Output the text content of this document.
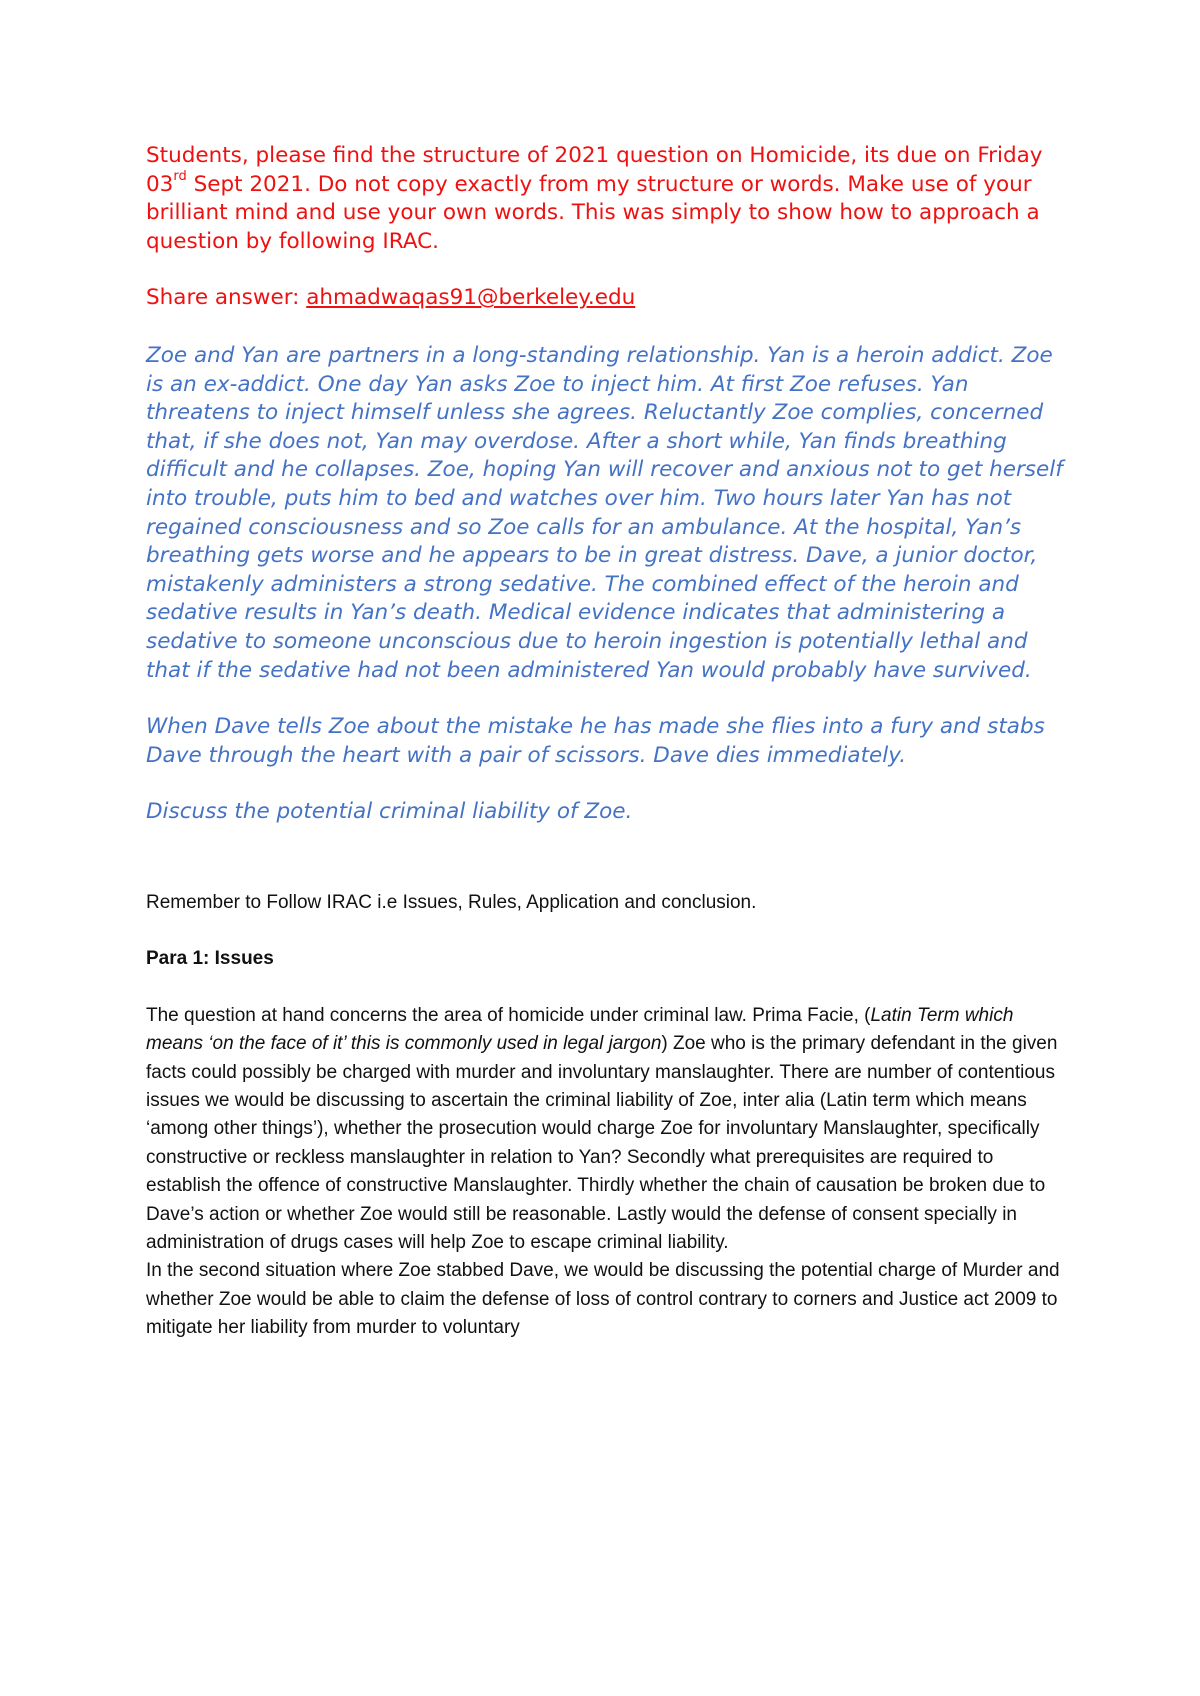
Students, please find the structure of 2021 question on Homicide, its due on Friday 03rd Sept 2021. Do not copy exactly from my structure or words. Make use of your brilliant mind and use your own words. This was simply to show how to approach a question by following IRAC.

Share answer: ahmadwaqas91@berkeley.edu

Zoe and Yan are partners in a long-standing relationship. Yan is a heroin addict. Zoe is an ex-addict. One day Yan asks Zoe to inject him. At first Zoe refuses. Yan threatens to inject himself unless she agrees. Reluctantly Zoe complies, concerned that, if she does not, Yan may overdose. After a short while, Yan finds breathing difficult and he collapses. Zoe, hoping Yan will recover and anxious not to get herself into trouble, puts him to bed and watches over him. Two hours later Yan has not regained consciousness and so Zoe calls for an ambulance. At the hospital, Yan’s breathing gets worse and he appears to be in great distress. Dave, a junior doctor, mistakenly administers a strong sedative. The combined effect of the heroin and sedative results in Yan’s death. Medical evidence indicates that administering a sedative to someone unconscious due to heroin ingestion is potentially lethal and that if the sedative had not been administered Yan would probably have survived.

When Dave tells Zoe about the mistake he has made she flies into a fury and stabs Dave through the heart with a pair of scissors. Dave dies immediately.

Discuss the potential criminal liability of Zoe.

Remember to Follow IRAC i.e Issues, Rules, Application and conclusion.

Para 1: Issues

The question at hand concerns the area of homicide under criminal law. Prima Facie, (Latin Term which means ‘on the face of it’ this is commonly used in legal jargon) Zoe who is the primary defendant in the given facts could possibly be charged with murder and involuntary manslaughter. There are number of contentious issues we would be discussing to ascertain the criminal liability of Zoe, inter alia (Latin term which means ‘among other things’), whether the prosecution would charge Zoe for involuntary Manslaughter, specifically constructive or reckless manslaughter in relation to Yan? Secondly what prerequisites are required to establish the offence of constructive Manslaughter. Thirdly whether the chain of causation be broken due to Dave’s action or whether Zoe would still be reasonable. Lastly would the defense of consent specially in administration of drugs cases will help Zoe to escape criminal liability.

In the second situation where Zoe stabbed Dave, we would be discussing the potential charge of Murder and whether Zoe would be able to claim the defense of loss of control contrary to corners and Justice act 2009 to mitigate her liability from murder to voluntary
